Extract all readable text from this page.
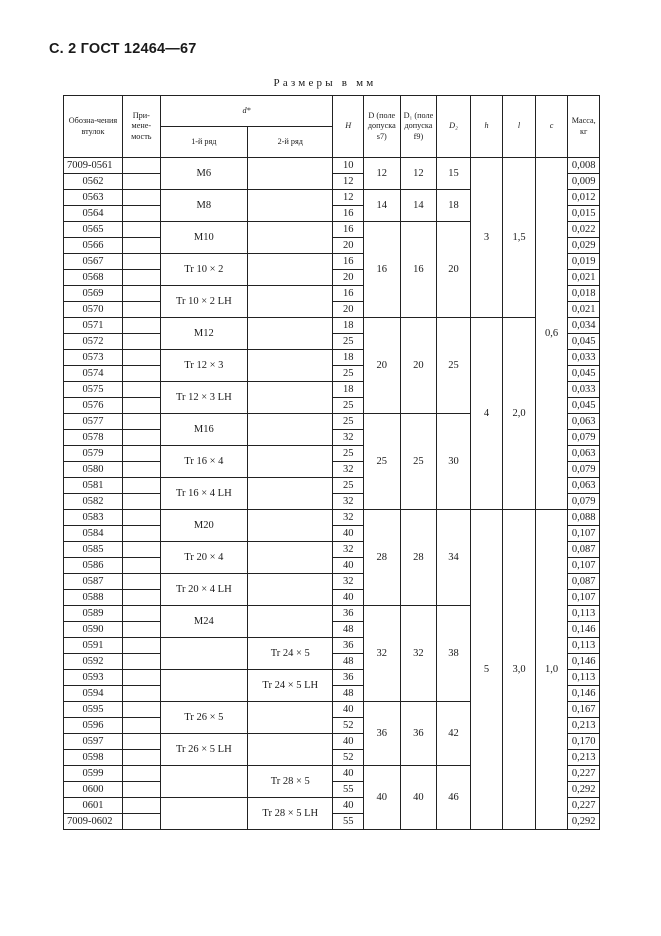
С. 2 ГОСТ 12464—67
Размеры в мм
Обозна-чения втулок	При-мене-мость	d*		H	D (поле допуска s7)	D₁ (поле допуска f9)	D₂	h	l	c	Масса, кг
		1-й ряд	2-й ряд								
7009-0561		M6		10	12	12	15	3	1,5	0,6	0,008
0562				12							0,009
0563		M8		12	14	14	18				0,012
0564				16							0,015
0565		M10		16	16	16	20				0,022
0566				20							0,029
0567		Tr 10 × 2		16							0,019
0568				20							0,021
0569		Tr 10 × 2 LH		16							0,018
0570				20							0,021
0571		M12		18	20	20	25	4	2,0		0,034
0572				25							0,045
0573		Tr 12 × 3		18							0,033
0574				25							0,045
0575		Tr 12 × 3 LH		18							0,033
0576				25							0,045
0577		M16		25	25	25	30				0,063
0578				32							0,079
0579		Tr 16 × 4		25							0,063
0580				32							0,079
0581		Tr 16 × 4 LH		25							0,063
0582				32							0,079
0583		M20		32	28	28	34	5	3,0	1,0	0,088
0584				40							0,107
0585		Tr 20 × 4		32							0,087
0586				40							0,107
0587		Tr 20 × 4 LH		32							0,087
0588				40							0,107
0589		M24		36	32	32	38				0,113
0590				48							0,146
0591			Tr 24 × 5	36							0,113
0592				48							0,146
0593			Tr 24 × 5 LH	36							0,113
0594				48							0,146
0595		Tr 26 × 5		40	36	36	42				0,167
0596				52							0,213
0597		Tr 26 × 5 LH		40							0,170
0598				52							0,213
0599			Tr 28 × 5	40	40	40	46				0,227
0600				55							0,292
0601			Tr 28 × 5 LH	40							0,227
7009-0602				55							0,292
